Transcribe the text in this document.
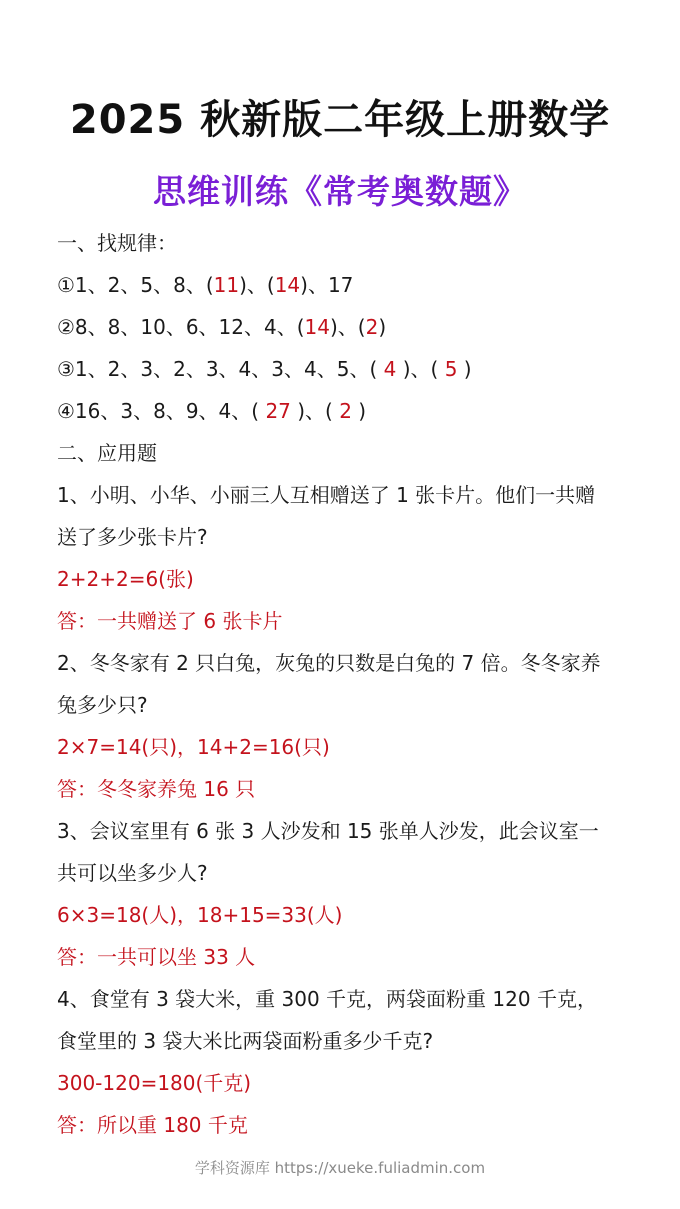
2025 秋新版二年级上册数学
思维训练《常考奥数题》
一、找规律：
①1、2、5、8、(11)、(14)、17
②8、8、10、6、12、4、(14)、(2)
③1、2、3、2、3、4、3、4、5、( 4 )、( 5 )
④16、3、8、9、4、( 27 )、( 2 )
二、应用题
1、小明、小华、小丽三人互相赠送了 1 张卡片。他们一共赠
送了多少张卡片?
2+2+2=6(张)
答：一共赠送了 6 张卡片
2、冬冬家有 2 只白兔，灰兔的只数是白兔的 7 倍。冬冬家养
兔多少只?
2×7=14(只)，14+2=16(只)
答：冬冬家养兔 16 只
3、会议室里有 6 张 3 人沙发和 15 张单人沙发，此会议室一
共可以坐多少人?
6×3=18(人)，18+15=33(人)
答：一共可以坐 33 人
4、食堂有 3 袋大米，重 300 千克，两袋面粉重 120 千克，
食堂里的 3 袋大米比两袋面粉重多少千克?
300-120=180(千克)
答：所以重 180 千克
学科资源库 https://xueke.fuliadmin.com
